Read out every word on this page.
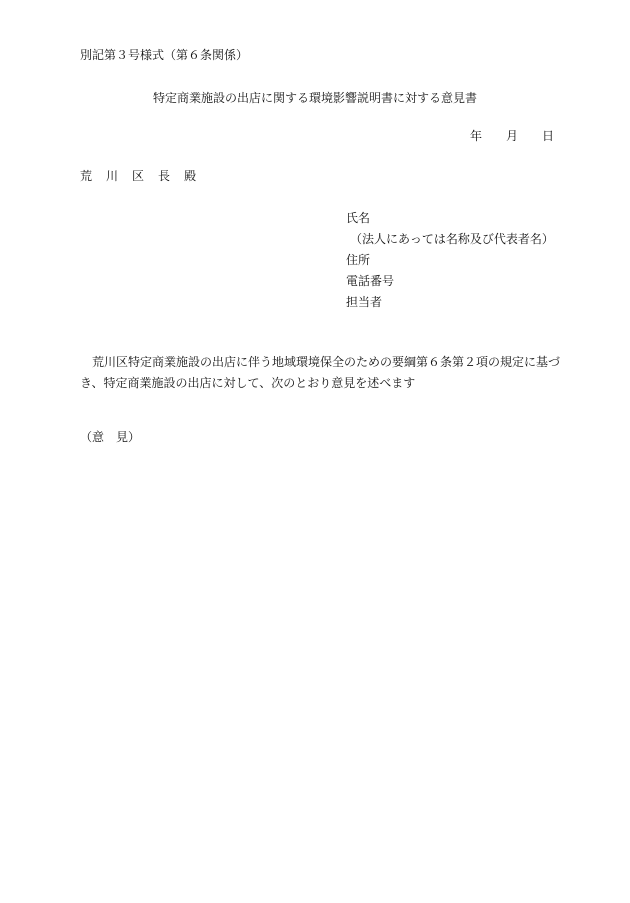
別記第３号様式（第６条関係）
特定商業施設の出店に関する環境影響説明書に対する意見書
年 月 日
荒 川 区 長 殿
氏名
（法人にあっては名称及び代表者名）
住所
電話番号
担当者
　荒川区特定商業施設の出店に伴う地域環境保全のための要綱第６条第２項の規定に基づ
き、特定商業施設の出店に対して、次のとおり意見を述べます
（意　見）
